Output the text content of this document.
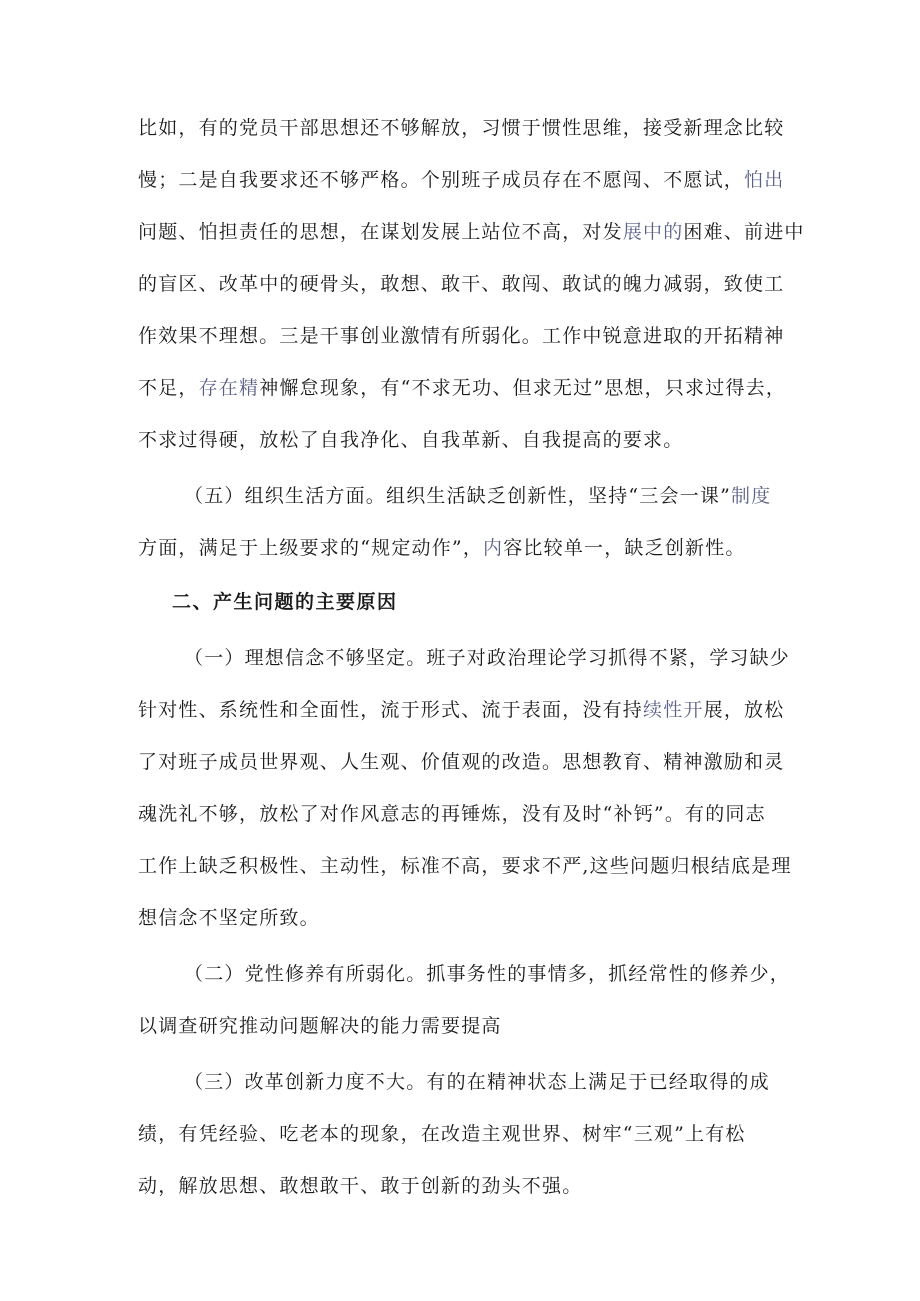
比如，有的党员干部思想还不够解放，习惯于惯性思维，接受新理念比较
慢；二是自我要求还不够严格。个别班子成员存在不愿闯、不愿试，怕出
问题、怕担责任的思想，在谋划发展上站位不高，对发展中的困难、前进中
的盲区、改革中的硬骨头，敢想、敢干、敢闯、敢试的魄力减弱，致使工
作效果不理想。三是干事创业激情有所弱化。工作中锐意进取的开拓精神
不足，存在精神懈怠现象，有“不求无功、但求无过”思想，只求过得去，
不求过得硬，放松了自我净化、自我革新、自我提高的要求。
（五）组织生活方面。组织生活缺乏创新性，坚持“三会一课”制度
方面，满足于上级要求的“规定动作”，内容比较单一，缺乏创新性。
二、产生问题的主要原因
（一）理想信念不够坚定。班子对政治理论学习抓得不紧，学习缺少
针对性、系统性和全面性，流于形式、流于表面，没有持续性开展，放松
了对班子成员世界观、人生观、价值观的改造。思想教育、精神激励和灵
魂洗礼不够，放松了对作风意志的再锤炼，没有及时“补钙”。有的同志
工作上缺乏积极性、主动性，标准不高，要求不严,这些问题归根结底是理
想信念不坚定所致。
（二）党性修养有所弱化。抓事务性的事情多，抓经常性的修养少，
以调查研究推动问题解决的能力需要提高
（三）改革创新力度不大。有的在精神状态上满足于已经取得的成
绩，有凭经验、吃老本的现象，在改造主观世界、树牢“三观”上有松
动，解放思想、敢想敢干、敢于创新的劲头不强。
